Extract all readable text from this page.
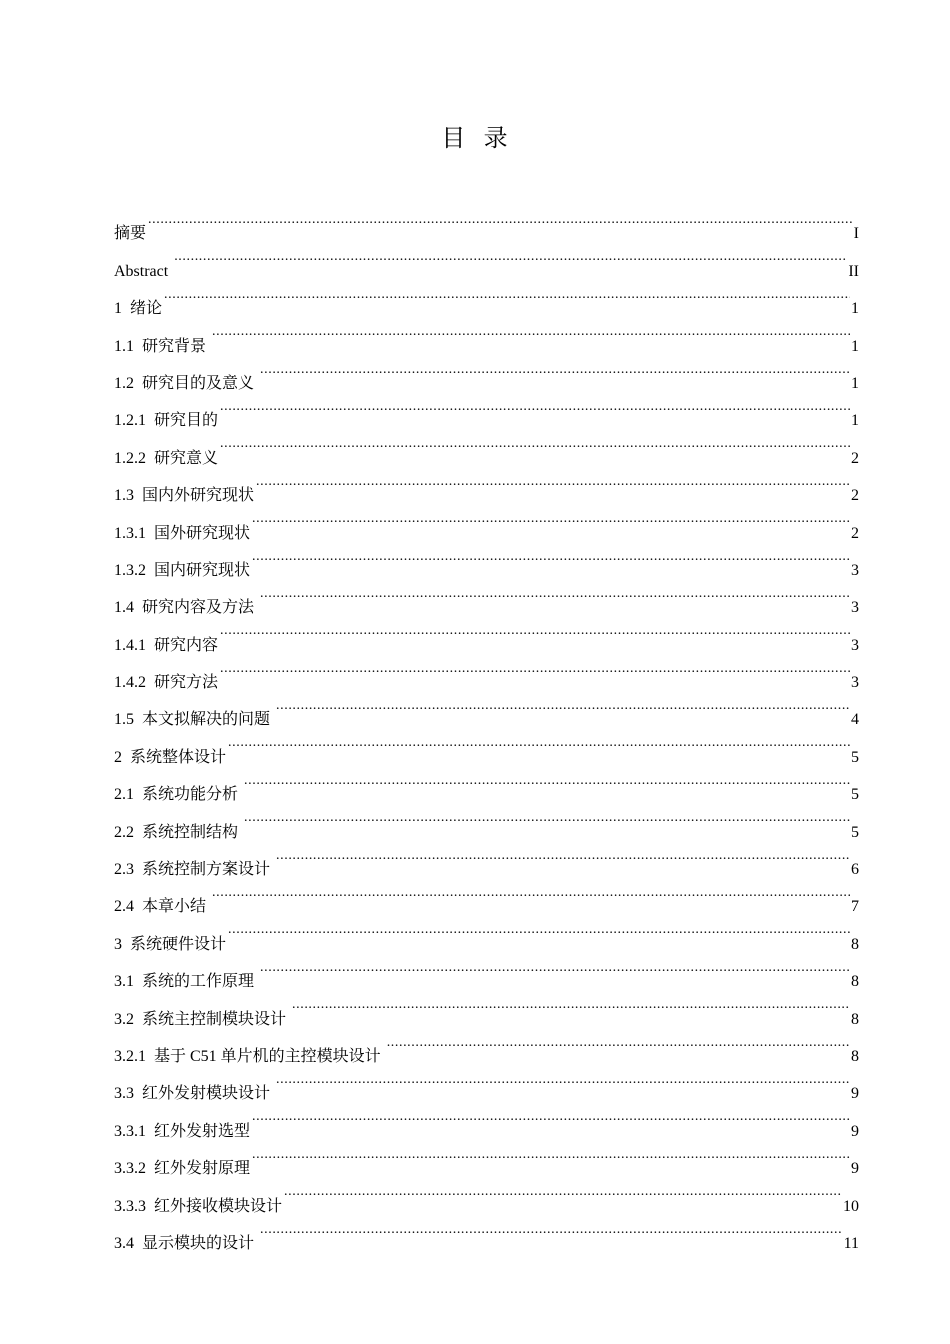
目  录
摘要 .....	I
Abstract .....	II
1  绪论 .....	1
1.1  研究背景 .....	1
1.2  研究目的及意义 .....	1
1.2.1  研究目的 .....	1
1.2.2  研究意义 .....	2
1.3  国内外研究现状 .....	2
1.3.1  国外研究现状 .....	2
1.3.2  国内研究现状 .....	3
1.4  研究内容及方法 .....	3
1.4.1  研究内容 .....	3
1.4.2  研究方法 .....	3
1.5  本文拟解决的问题 .....	4
2  系统整体设计 .....	5
2.1  系统功能分析 .....	5
2.2  系统控制结构 .....	5
2.3  系统控制方案设计 .....	6
2.4  本章小结 .....	7
3  系统硬件设计 .....	8
3.1  系统的工作原理 .....	8
3.2  系统主控制模块设计 .....	8
3.2.1  基于 C51 单片机的主控模块设计 .....	8
3.3  红外发射模块设计 .....	9
3.3.1  红外发射选型 .....	9
3.3.2  红外发射原理 .....	9
3.3.3  红外接收模块设计 .....	10
3.4  显示模块的设计 .....	11
